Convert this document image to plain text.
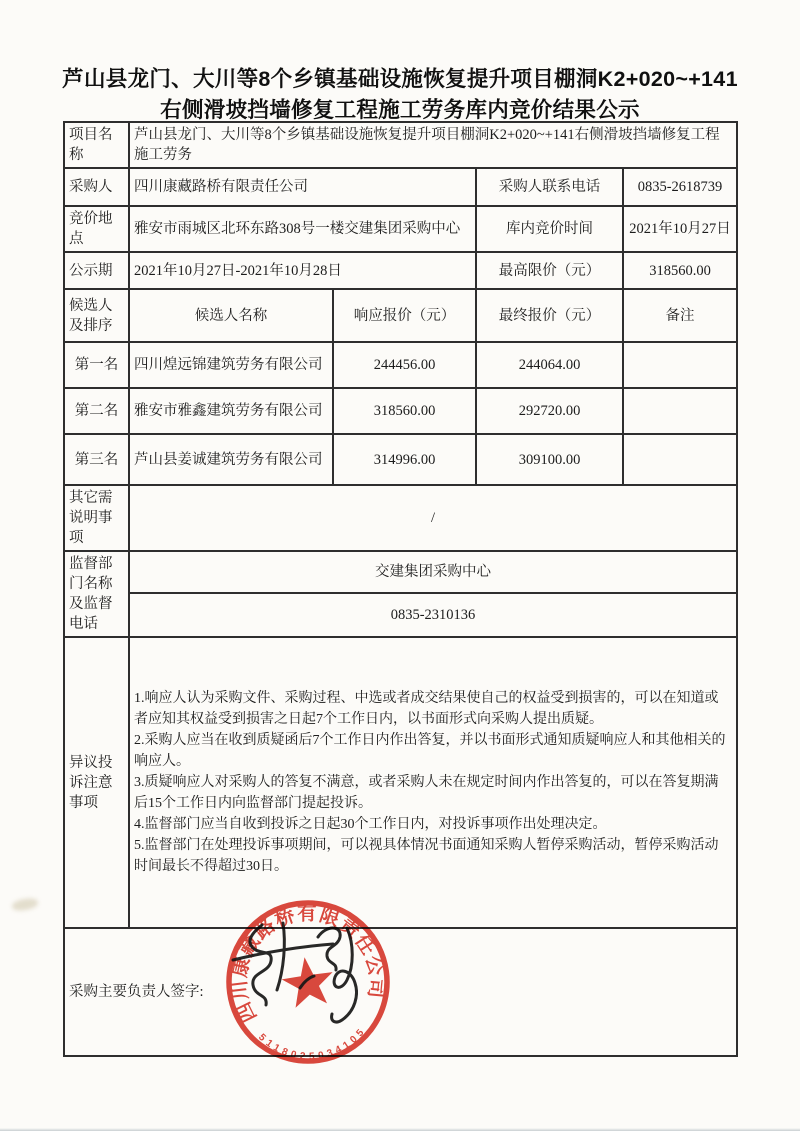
芦山县龙门、大川等8个乡镇基础设施恢复提升项目棚洞K2+020~+141右侧滑坡挡墙修复工程施工劳务库内竞价结果公示
项目名称	芦山县龙门、大川等8个乡镇基础设施恢复提升项目棚洞K2+020~+141右侧滑坡挡墙修复工程施工劳务			
采购人	四川康藏路桥有限责任公司		采购人联系电话	0835-2618739
竞价地点	雅安市雨城区北环东路308号一楼交建集团采购中心		库内竞价时间	2021年10月27日
公示期	2021年10月27日-2021年10月28日		最高限价（元）	318560.00
候选人及排序	候选人名称	响应报价（元）	最终报价（元）	备注
第一名	四川煌远锦建筑劳务有限公司	244456.00	244064.00	
第二名	雅安市雅鑫建筑劳务有限公司	318560.00	292720.00	
第三名	芦山县姜诚建筑劳务有限公司	314996.00	309100.00	
其它需说明事项	/			
监督部门名称及监督电话	交建集团采购中心			
	0835-2310136			
异议投诉注意事项	1.响应人认为采购文件、采购过程、中选或者成交结果使自己的权益受到损害的，可以在知道或者应知其权益受到损害之日起7个工作日内，以书面形式向采购人提出质疑。
2.采购人应当在收到质疑函后7个工作日内作出答复，并以书面形式通知质疑响应人和其他相关的响应人。
3.质疑响应人对采购人的答复不满意，或者采购人未在规定时间内作出答复的，可以在答复期满后15个工作日内向监督部门提起投诉。
4.监督部门应当自收到投诉之日起30个工作日内，对投诉事项作出处理决定。
5.监督部门在处理投诉事项期间，可以视具体情况书面通知采购人暂停采购活动，暂停采购活动时间最长不得超过30日。			

采购主要负责人签字:				
四川康藏路桥有限责任公司
5118025034105
